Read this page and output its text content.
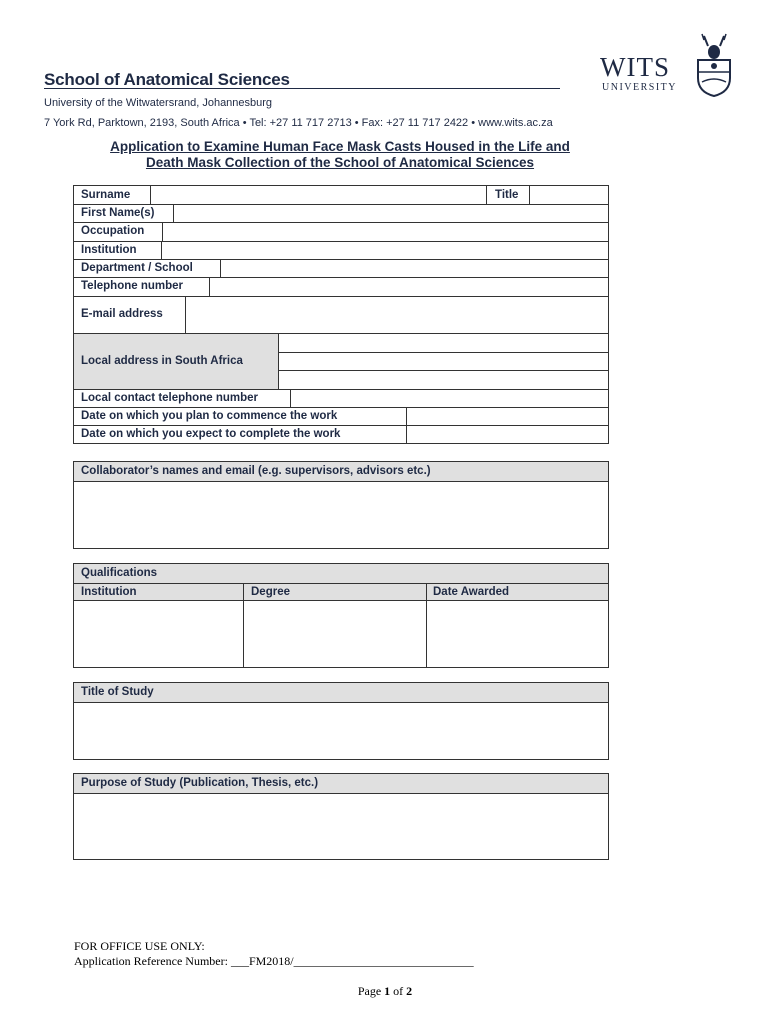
School of Anatomical Sciences
University of the Witwatersrand, Johannesburg
7 York Rd, Parktown, 2193, South Africa • Tel: +27 11 717 2713 • Fax: +27 11 717 2422 • www.wits.ac.za
WITS
UNIVERSITY
Application to Examine Human Face Mask Casts Housed in the Life and
Death Mask Collection of the School of Anatomical Sciences
Surname	Title
First Name(s)
Occupation
Institution
Department / School
Telephone number
E-mail address
Local address in South Africa
Local contact telephone number
Date on which you plan to commence the work
Date on which you expect to complete the work
Collaborator’s names and email (e.g. supervisors, advisors etc.)
Qualifications
Institution	Degree	Date Awarded
Title of Study
Purpose of Study (Publication, Thesis, etc.)
FOR OFFICE USE ONLY:
Application Reference Number: ___FM2018/______________________________
Page 1 of 2
